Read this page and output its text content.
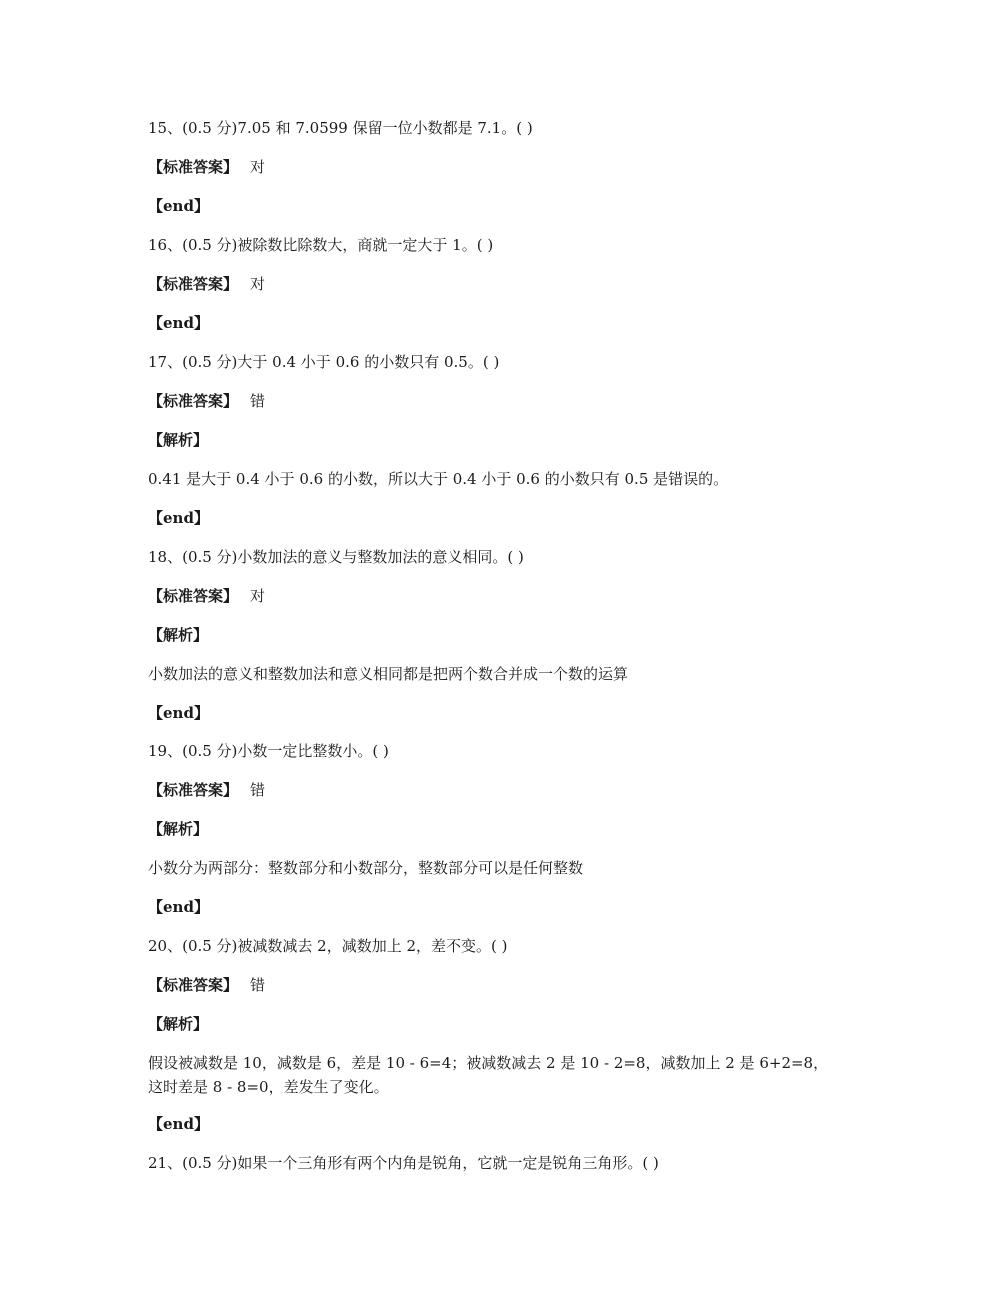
15、(0.5 分)7.05 和 7.0599 保留一位小数都是 7.1。( )
【标准答案】 对
【end】
16、(0.5 分)被除数比除数大，商就一定大于 1。( )
【标准答案】 对
【end】
17、(0.5 分)大于 0.4 小于 0.6 的小数只有 0.5。( )
【标准答案】 错
【解析】
0.41 是大于 0.4 小于 0.6 的小数，所以大于 0.4 小于 0.6 的小数只有 0.5 是错误的。
【end】
18、(0.5 分)小数加法的意义与整数加法的意义相同。( )
【标准答案】 对
【解析】
小数加法的意义和整数加法和意义相同都是把两个数合并成一个数的运算
【end】
19、(0.5 分)小数一定比整数小。( )
【标准答案】 错
【解析】
小数分为两部分：整数部分和小数部分，整数部分可以是任何整数
【end】
20、(0.5 分)被减数减去 2，减数加上 2，差不变。( )
【标准答案】 错
【解析】
假设被减数是 10，减数是 6，差是 10 - 6=4；被减数减去 2 是 10 - 2=8，减数加上 2 是 6+2=8，
这时差是 8 - 8=0，差发生了变化。
【end】
21、(0.5 分)如果一个三角形有两个内角是锐角，它就一定是锐角三角形。( )
